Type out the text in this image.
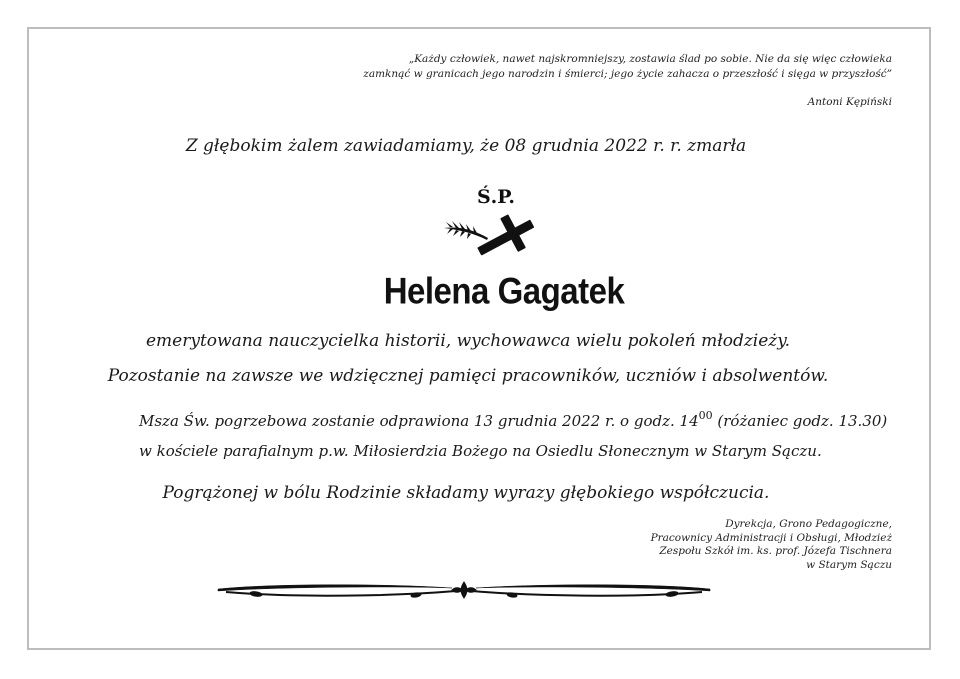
„Każdy człowiek, nawet najskromniejszy, zostawia ślad po sobie. Nie da się więc człowieka
zamknąć w granicach jego narodzin i śmierci; jego życie zahacza o przeszłość i sięga w przyszłość”
Antoni Kępiński
Z głębokim żalem zawiadamiamy, że 08 grudnia 2022 r. r. zmarła
Ś.P.
Helena Gagatek
emerytowana nauczycielka historii, wychowawca wielu pokoleń młodzieży.
Pozostanie na zawsze we wdzięcznej pamięci pracowników, uczniów i absolwentów.
Msza Św. pogrzebowa zostanie odprawiona 13 grudnia 2022 r. o godz. $14^{00}$ (różaniec godz. 13.30)
w kościele parafialnym p.w. Miłosierdzia Bożego na Osiedlu Słonecznym w Starym Sączu.
Pogrążonej w bólu Rodzinie składamy wyrazy głębokiego współczucia.
Dyrekcja, Grono Pedagogiczne,
Pracownicy Administracji i Obsługi, Młodzież
Zespołu Szkół im. ks. prof. Józefa Tischnera
w Starym Sączu
